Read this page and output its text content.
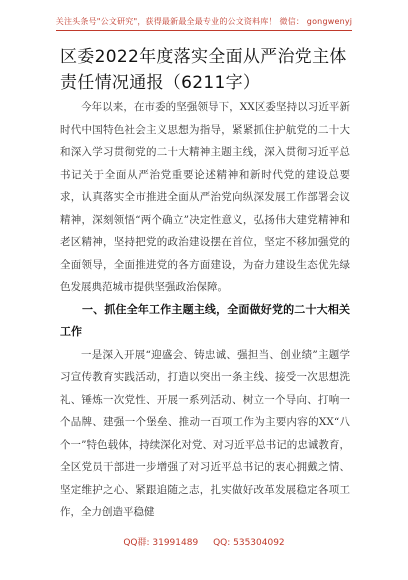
关注头条号"公文研究"，获得最新最全最专业的公文资料库！ 微信： gongwenyj
区委2022年度落实全面从严治党主体责任情况通报（6211字）

今年以来，在市委的坚强领导下，XX区委坚持以习近平新时代中国特色社会主义思想为指导，紧紧抓住护航党的二十大和深入学习贯彻党的二十大精神主题主线，深入贯彻习近平总书记关于全面从严治党重要论述精神和新时代党的建设总要求，认真落实全市推进全面从严治党向纵深发展工作部署会议精神，深刻领悟“两个确立”决定性意义，弘扬伟大建党精神和老区精神，坚持把党的政治建设摆在首位，坚定不移加强党的全面领导，全面推进党的各方面建设，为奋力建设生态优先绿色发展典范城市提供坚强政治保障。

一、抓住全年工作主题主线，全面做好党的二十大相关工作

一是深入开展“迎盛会、铸忠诚、强担当、创业绩”主题学习宣传教育实践活动，打造以突出一条主线、接受一次思想洗礼、锤炼一次党性、开展一系列活动、树立一个导向、打响一个品牌、建强一个堡垒、推动一百项工作为主要内容的XX“八个一”特色载体，持续深化对党、对习近平总书记的忠诚教育，全区党员干部进一步增强了对习近平总书记的衷心拥戴之情、坚定维护之心、紧跟追随之志，扎实做好改革发展稳定各项工作，全力创造平稳健

QQ群: 31991489 QQ: 535304092
